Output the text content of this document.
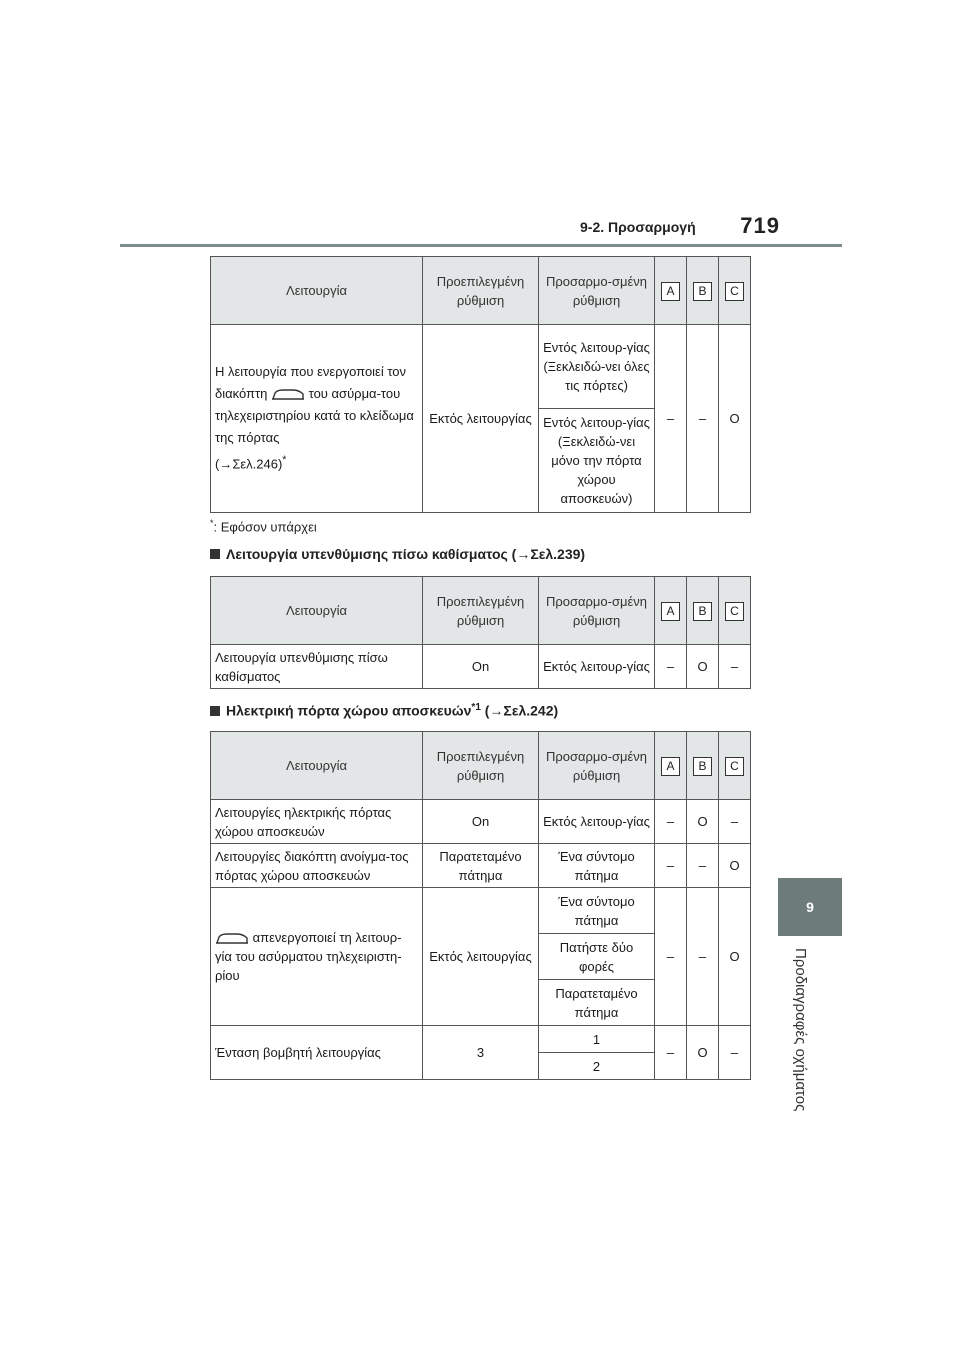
9-2. Προσαρμογή 719
9
Προδιαγραφές οχήματος
Λειτουργία	Προεπιλεγμένη ρύθμιση	Προσαρμο-σμένη ρύθμιση	A	B	C
Η λειτουργία που ενεργοποιεί τον διακόπτη του ασύρμα-του τηλεχειριστηρίου κατά το κλείδωμα της πόρτας
(→Σελ.246)*	Εκτός λειτουργίας	Εντός λειτουρ-γίας (Ξεκλειδώ-νει όλες τις πόρτες)	–	–	O
		Εντός λειτουρ-γίας (Ξεκλειδώ-νει μόνο την πόρτα χώρου αποσκευών)			
*: Εφόσον υπάρχει
Λειτουργία υπενθύμισης πίσω καθίσματος (→Σελ.239)
Λειτουργία	Προεπιλεγμένη ρύθμιση	Προσαρμο-σμένη ρύθμιση	A	B	C
Λειτουργία υπενθύμισης πίσω καθίσματος	On	Εκτός λειτουρ-γίας	–	O	–
Ηλεκτρική πόρτα χώρου αποσκευών$^{*1}$ (→Σελ.242)
Λειτουργία	Προεπιλεγμένη ρύθμιση	Προσαρμο-σμένη ρύθμιση	A	B	C
Λειτουργίες ηλεκτρικής πόρτας χώρου αποσκευών	On	Εκτός λειτουρ-γίας	–	O	–
Λειτουργίες διακόπτη ανοίγμα-τος πόρτας χώρου αποσκευών	Παρατεταμένο πάτημα	Ένα σύντομο πάτημα	–	–	O
απενεργοποιεί τη λειτουρ-γία του ασύρματου τηλεχειριστη-ρίου	Εκτός λειτουργίας	Ένα σύντομο πάτημα	–	–	O
		Πατήστε δύο φορές			
		Παρατεταμένο πάτημα			
Ένταση βομβητή λειτουργίας	3	1	–	O	–
		2			
